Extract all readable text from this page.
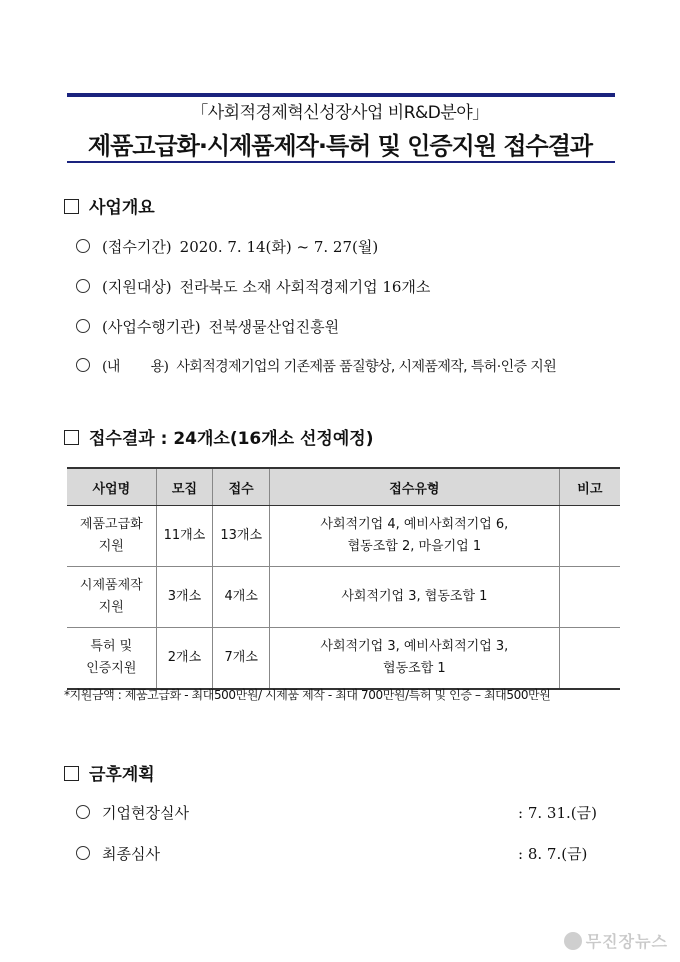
「사회적경제혁신성장사업 비R&D분야」
제품고급화·시제품제작·특허 및 인증지원 접수결과
사업개요
(접수기간) 2020. 7. 14(화) ~ 7. 27(월)
(지원대상) 전라북도 소재 사회적경제기업 16개소
(사업수행기관) 전북생물산업진흥원
(내        용) 사회적경제기업의 기존제품 품질향상, 시제품제작, 특허·인증 지원
접수결과 : 24개소(16개소 선정예정)
사업명	모집	접수	접수유형	비고
제품고급화
지원	11개소	13개소	사회적기업 4, 예비사회적기업 6,
협동조합 2, 마을기업 1	
시제품제작
지원	3개소	4개소	사회적기업 3, 협동조합 1	
특허 및
인증지원	2개소	7개소	사회적기업 3, 예비사회적기업 3,
협동조합 1	
*지원금액 : 제품고급화 - 최대500만원/ 시제품 제작 - 최대 700만원/특허 및 인증 – 최대500만원
금후계획
기업현장실사	: 7. 31.(금)
최종심사	: 8. 7.(금)
무진장뉴스
